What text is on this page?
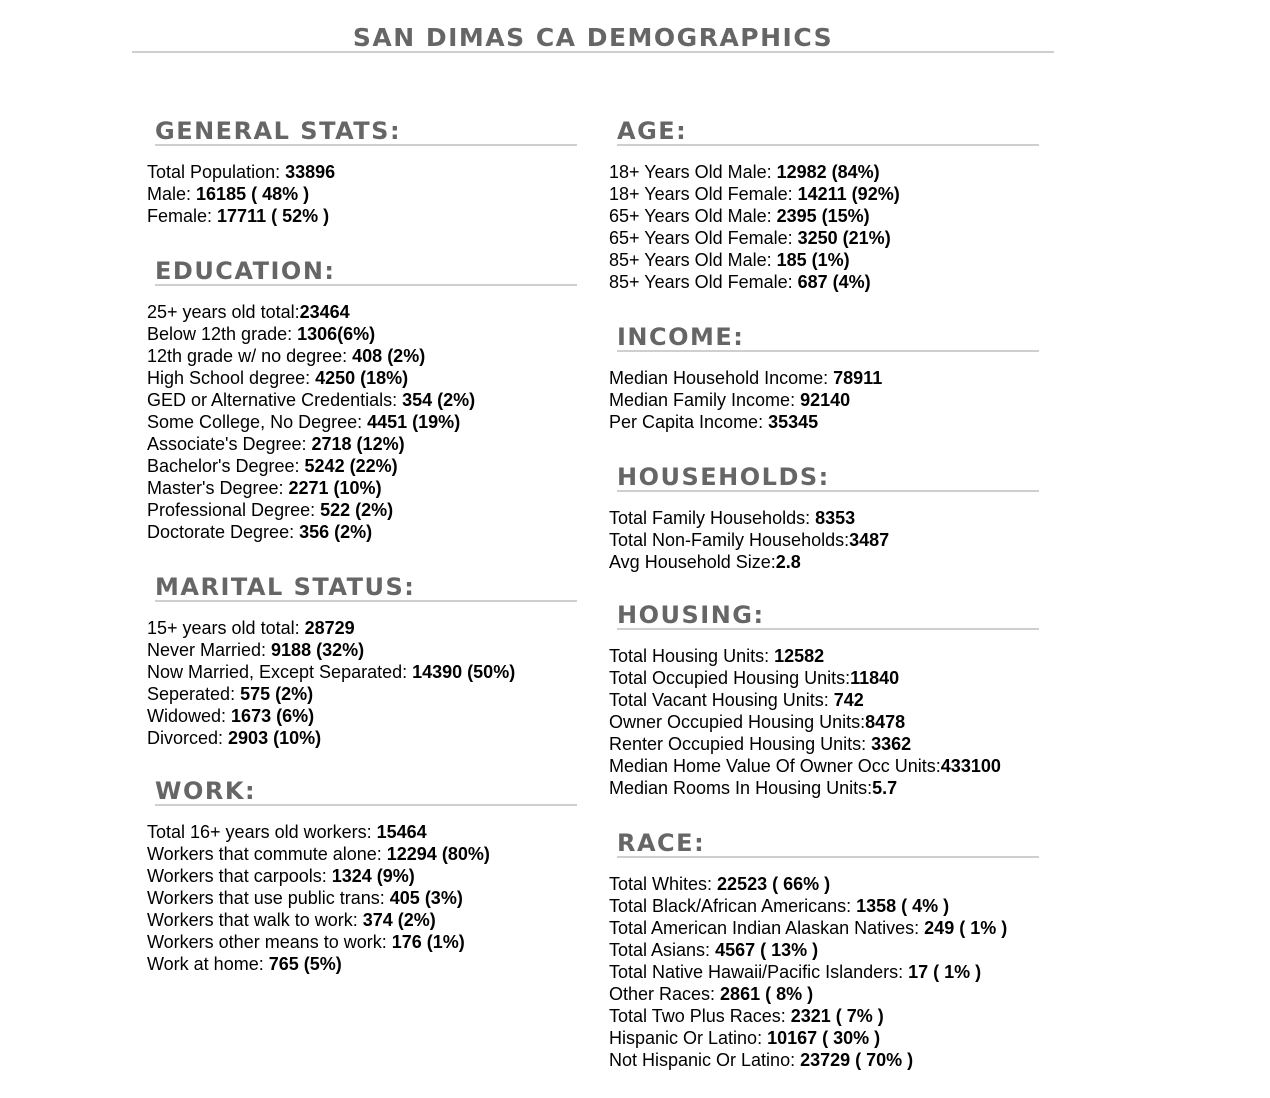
SAN DIMAS CA DEMOGRAPHICS
GENERAL STATS:
Total Population: 33896
Male: 16185 ( 48% )
Female: 17711 ( 52% )
EDUCATION:
25+ years old total:23464
Below 12th grade: 1306(6%)
12th grade w/ no degree: 408 (2%)
High School degree: 4250 (18%)
GED or Alternative Credentials: 354 (2%)
Some College, No Degree: 4451 (19%)
Associate's Degree: 2718 (12%)
Bachelor's Degree: 5242 (22%)
Master's Degree: 2271 (10%)
Professional Degree: 522 (2%)
Doctorate Degree: 356 (2%)
MARITAL STATUS:
15+ years old total: 28729
Never Married: 9188 (32%)
Now Married, Except Separated: 14390 (50%)
Seperated: 575 (2%)
Widowed: 1673 (6%)
Divorced: 2903 (10%)
WORK:
Total 16+ years old workers: 15464
Workers that commute alone: 12294 (80%)
Workers that carpools: 1324 (9%)
Workers that use public trans: 405 (3%)
Workers that walk to work: 374 (2%)
Workers other means to work: 176 (1%)
Work at home: 765 (5%)
AGE:
18+ Years Old Male: 12982 (84%)
18+ Years Old Female: 14211 (92%)
65+ Years Old Male: 2395 (15%)
65+ Years Old Female: 3250 (21%)
85+ Years Old Male: 185 (1%)
85+ Years Old Female: 687 (4%)
INCOME:
Median Household Income: 78911
Median Family Income: 92140
Per Capita Income: 35345
HOUSEHOLDS:
Total Family Households: 8353
Total Non-Family Households:3487
Avg Household Size:2.8
HOUSING:
Total Housing Units: 12582
Total Occupied Housing Units:11840
Total Vacant Housing Units: 742
Owner Occupied Housing Units:8478
Renter Occupied Housing Units: 3362
Median Home Value Of Owner Occ Units:433100
Median Rooms In Housing Units:5.7
RACE:
Total Whites: 22523 ( 66% )
Total Black/African Americans: 1358 ( 4% )
Total American Indian Alaskan Natives: 249 ( 1% )
Total Asians: 4567 ( 13% )
Total Native Hawaii/Pacific Islanders: 17 ( 1% )
Other Races: 2861 ( 8% )
Total Two Plus Races: 2321 ( 7% )
Hispanic Or Latino: 10167 ( 30% )
Not Hispanic Or Latino: 23729 ( 70% )
